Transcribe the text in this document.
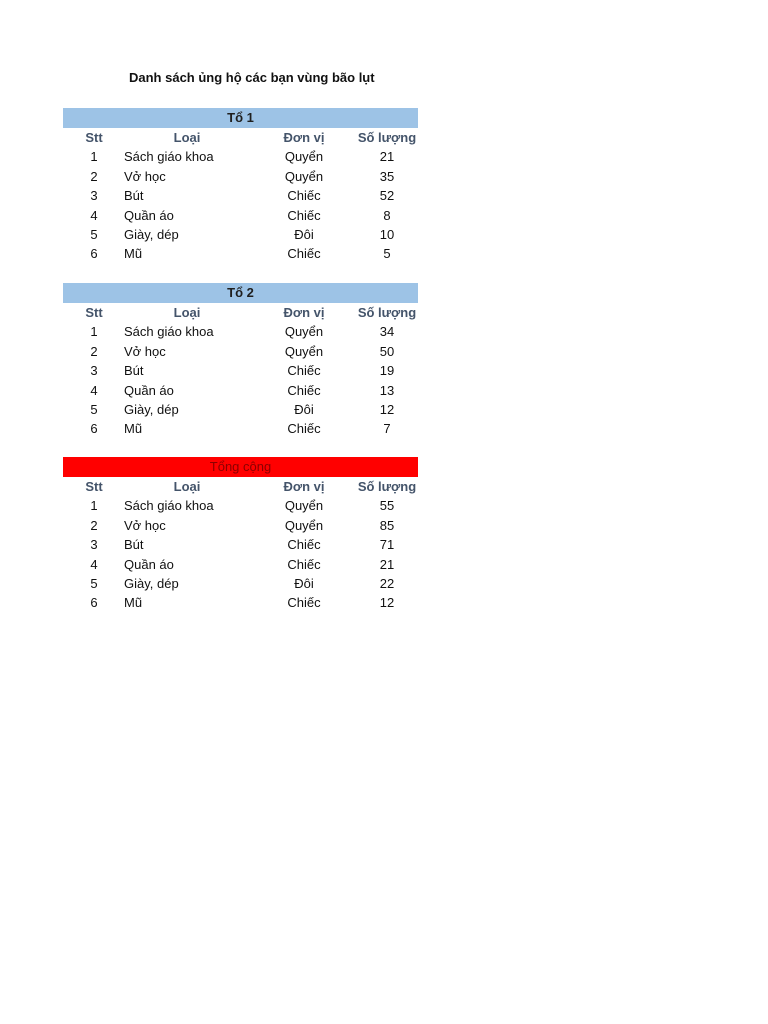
Danh sách ủng hộ các bạn vùng bão lụt
Tổ 1
Stt	Loại	Đơn vị	Số lượng
1	Sách giáo khoa	Quyển	21
2	Vở học	Quyển	35
3	Bút	Chiếc	52
4	Quần áo	Chiếc	8
5	Giày, dép	Đôi	10
6	Mũ	Chiếc	5
Tổ 2
Stt	Loại	Đơn vị	Số lượng
1	Sách giáo khoa	Quyển	34
2	Vở học	Quyển	50
3	Bút	Chiếc	19
4	Quần áo	Chiếc	13
5	Giày, dép	Đôi	12
6	Mũ	Chiếc	7
Tổng cộng
Stt	Loại	Đơn vị	Số lượng
1	Sách giáo khoa	Quyển	55
2	Vở học	Quyển	85
3	Bút	Chiếc	71
4	Quần áo	Chiếc	21
5	Giày, dép	Đôi	22
6	Mũ	Chiếc	12
